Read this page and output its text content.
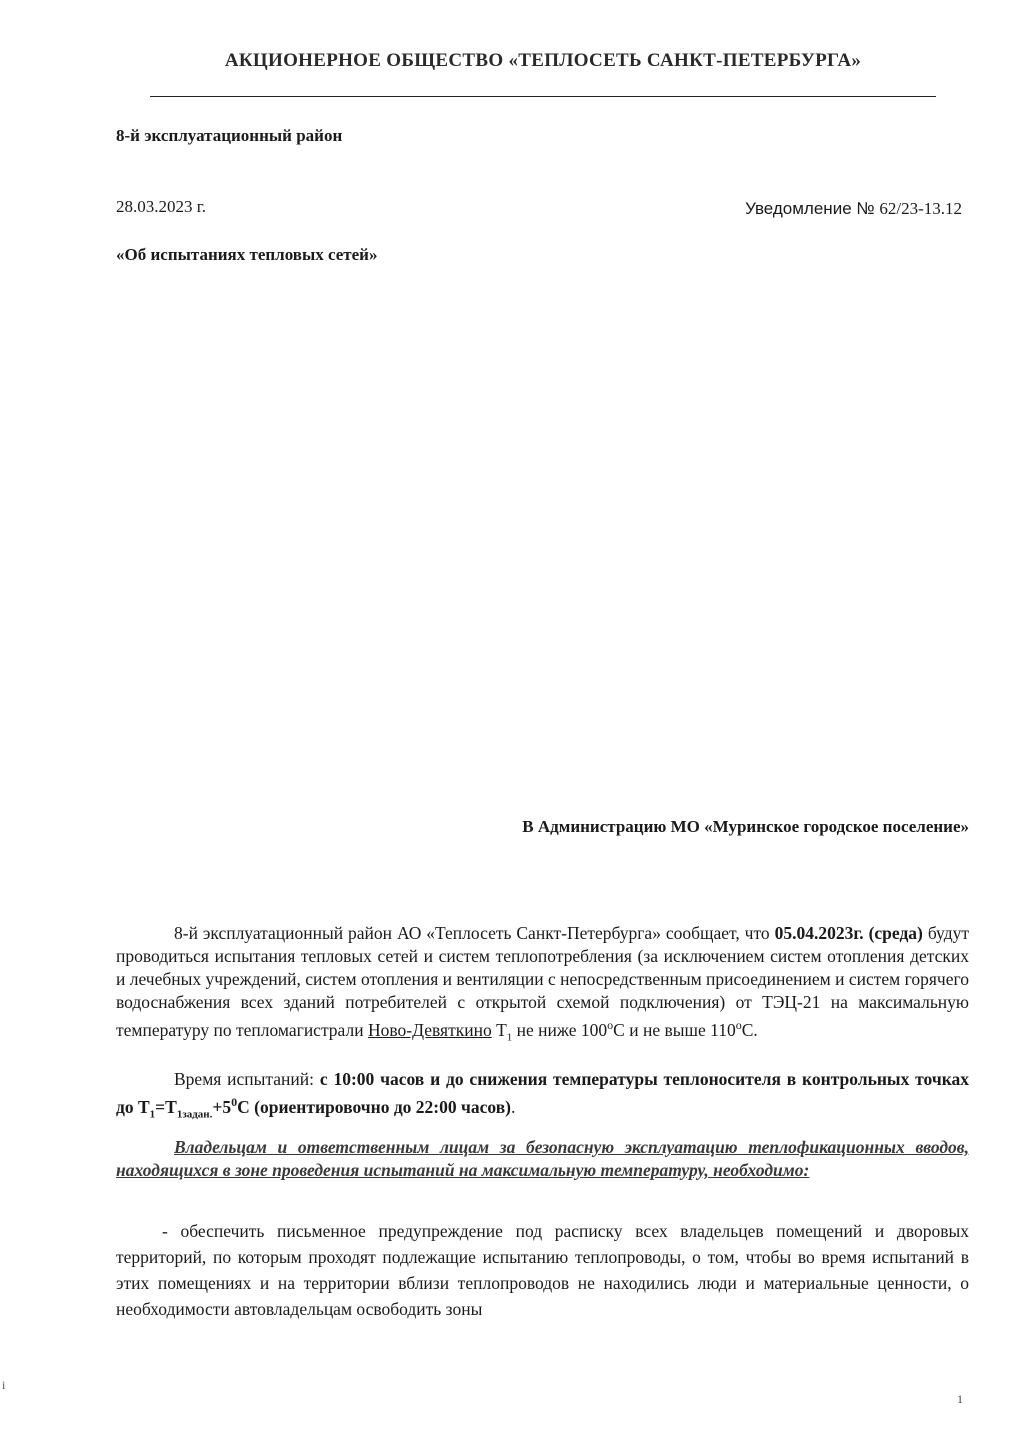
АКЦИОНЕРНОЕ ОБЩЕСТВО «ТЕПЛОСЕТЬ САНКТ-ПЕТЕРБУРГА»
8-й эксплуатационный район
28.03.2023 г.	Уведомление № 62/23-13.12
«Об испытаниях тепловых сетей»
В Администрацию МО «Муринское городское поселение»
8-й эксплуатационный район АО «Теплосеть Санкт-Петербурга» сообщает, что 05.04.2023г. (среда) будут проводиться испытания тепловых сетей и систем теплопотребления (за исключением систем отопления детских и лечебных учреждений, систем отопления и вентиляции с непосредственным присоединением и систем горячего водоснабжения всех зданий потребителей с открытой схемой подключения) от ТЭЦ-21 на максимальную температуру по тепломагистрали Ново-Девяткино $Т_1$ не ниже $100^оС$ и не выше $110^оС$.
Время испытаний: с 10:00 часов и до снижения температуры теплоносителя в контрольных точках до $Т_1=Т_{1задан.}+5^0С$ (ориентировочно до 22:00 часов).
Владельцам и ответственным лицам за безопасную эксплуатацию теплофикационных вводов, находящихся в зоне проведения испытаний на максимальную температуру, необходимо:
- обеспечить письменное предупреждение под расписку всех владельцев помещений и дворовых территорий, по которым проходят подлежащие испытанию теплопроводы, о том, чтобы во время испытаний в этих помещениях и на территории вблизи теплопроводов не находились люди и материальные ценности, о необходимости автовладельцам освободить зоны
1
i
